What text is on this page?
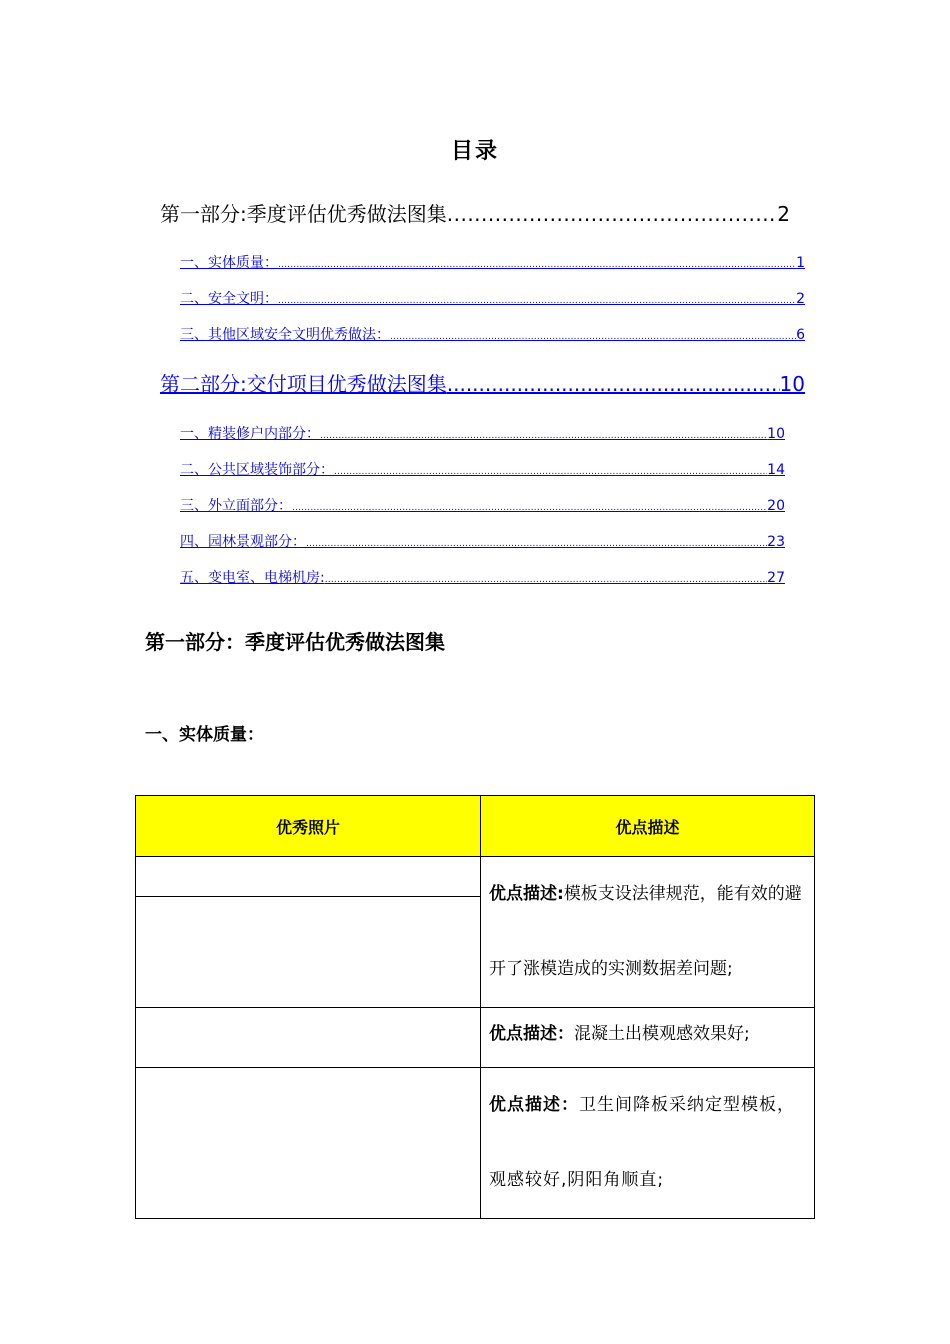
目录
第一部分:季度评估优秀做法图集 .....	2
一、实体质量： .....	1
二、安全文明： .....	2
三、其他区域安全文明优秀做法： .....	6
第二部分:交付项目优秀做法图集 .....	10
一、精装修户内部分： .....	10
二、公共区域装饰部分： .....	14
三、外立面部分： .....	20
四、园林景观部分： .....	23
五、变电室、电梯机房: .....	27
第一部分：季度评估优秀做法图集
一、实体质量：
优秀照片	优点描述

	优点描述:模板支设法律规范，能有效的避开了涨模造成的实测数据差问题;

	优点描述：混凝土出模观感效果好;

	优点描述：卫生间降板采纳定型模板，观感较好,阴阳角顺直;
